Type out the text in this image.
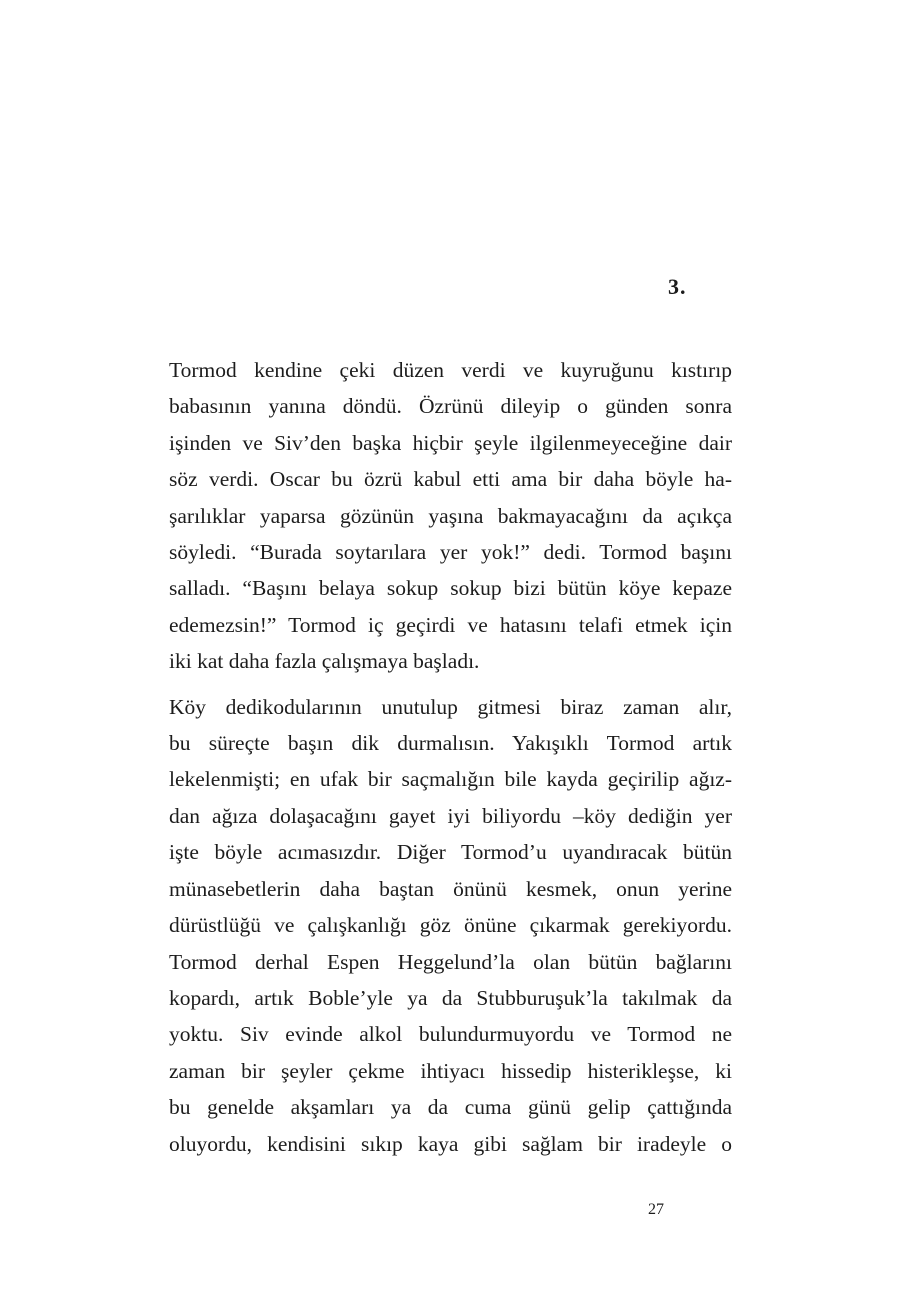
3.

Tormod kendine çeki düzen verdi ve kuyruğunu kıstırıp
babasının yanına döndü. Özrünü dileyip o günden sonra
işinden ve Siv’den başka hiçbir şeyle ilgilenmeyeceğine dair
söz verdi. Oscar bu özrü kabul etti ama bir daha böyle ha-
şarılıklar yaparsa gözünün yaşına bakmayacağını da açıkça
söyledi. “Burada soytarılara yer yok!” dedi. Tormod başını
salladı. “Başını belaya sokup sokup bizi bütün köye kepaze
edemezsin!” Tormod iç geçirdi ve hatasını telafi etmek için
iki kat daha fazla çalışmaya başladı.

Köy dedikodularının unutulup gitmesi biraz zaman alır,
bu süreçte başın dik durmalısın. Yakışıklı Tormod artık
lekelenmişti; en ufak bir saçmalığın bile kayda geçirilip ağız-
dan ağıza dolaşacağını gayet iyi biliyordu –köy dediğin yer
işte böyle acımasızdır. Diğer Tormod’u uyandıracak bütün
münasebetlerin daha baştan önünü kesmek, onun yerine
dürüstlüğü ve çalışkanlığı göz önüne çıkarmak gerekiyordu.
Tormod derhal Espen Heggelund’la olan bütün bağlarını
kopardı, artık Boble’yle ya da Stubburuşuk’la takılmak da
yoktu. Siv evinde alkol bulundurmuyordu ve Tormod ne
zaman bir şeyler çekme ihtiyacı hissedip histerikleşse, ki
bu genelde akşamları ya da cuma günü gelip çattığında
oluyordu, kendisini sıkıp kaya gibi sağlam bir iradeyle o

27
